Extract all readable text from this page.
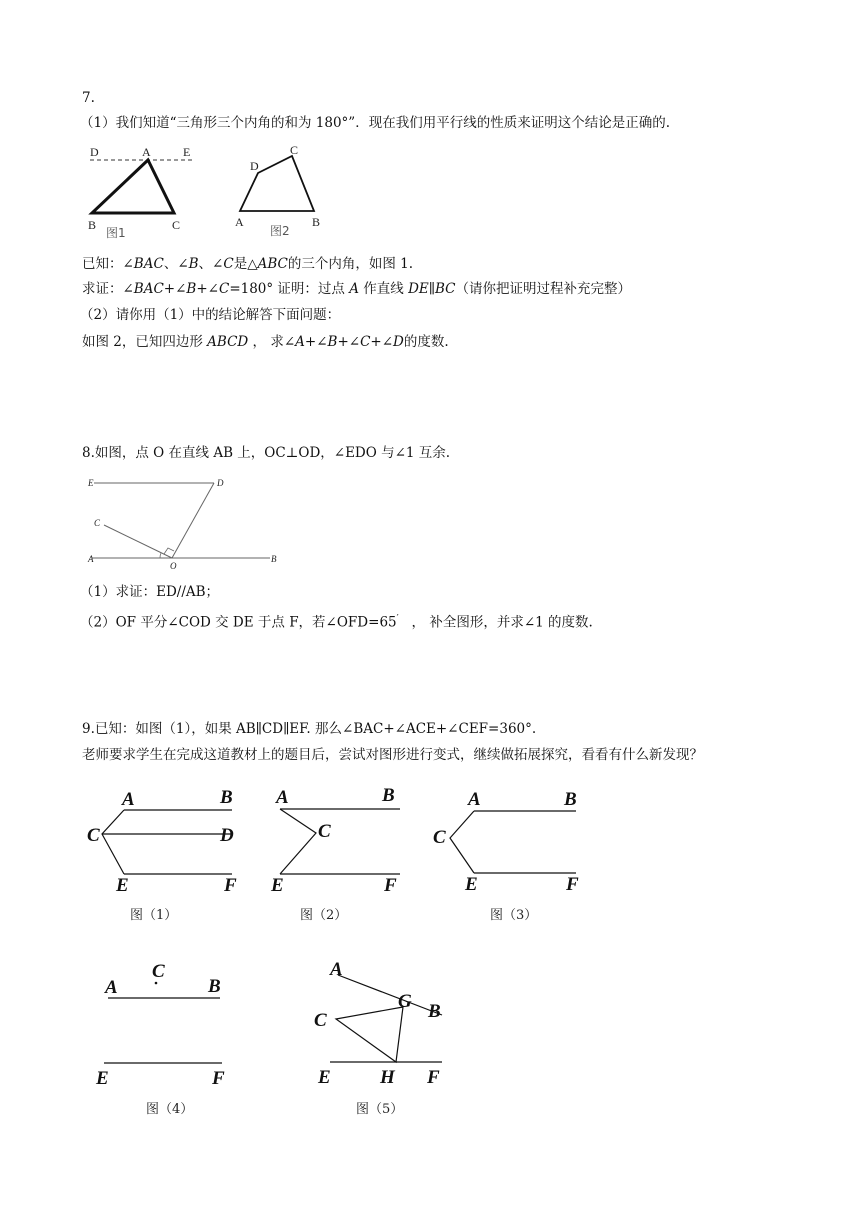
7.
（1）我们知道“三角形三个内角的和为 180°”．现在我们用平行线的性质来证明这个结论是正确的.
D	A	E
B	C
图1
D
C
A	B
图2
已知：∠BAC、∠B、∠C是△ABC的三个内角，如图 1.
求证：∠BAC+∠B+∠C=180° 证明：过点 A 作直线 DE∥BC（请你把证明过程补充完整）
（2）请你用（1）中的结论解答下面问题：
如图 2，已知四边形 ABCD ， 求∠A+∠B+∠C+∠D的度数.
8.如图，点 O 在直线 AB 上，OC⊥OD，∠EDO 与∠1 互余.
E	D
C
A
O
B
（1）求证：ED//AB；
（2）OF 平分∠COD 交 DE 于点 F，若∠OFD=65′ ， 补全图形，并求∠1 的度数.
9.已知：如图（1），如果 AB∥CD∥EF. 那么∠BAC+∠ACE+∠CEF=360°.
老师要求学生在完成这道教材上的题目后，尝试对图形进行变式，继续做拓展探究，看看有什么新发现？
A	B
C	D
E	F
图（1）
A	B
C
E	F
图（2）
A	B
C
E	F
图（3）
C
A	B
E	F
图（4）
A
G B
C
E	H F
图（5）
